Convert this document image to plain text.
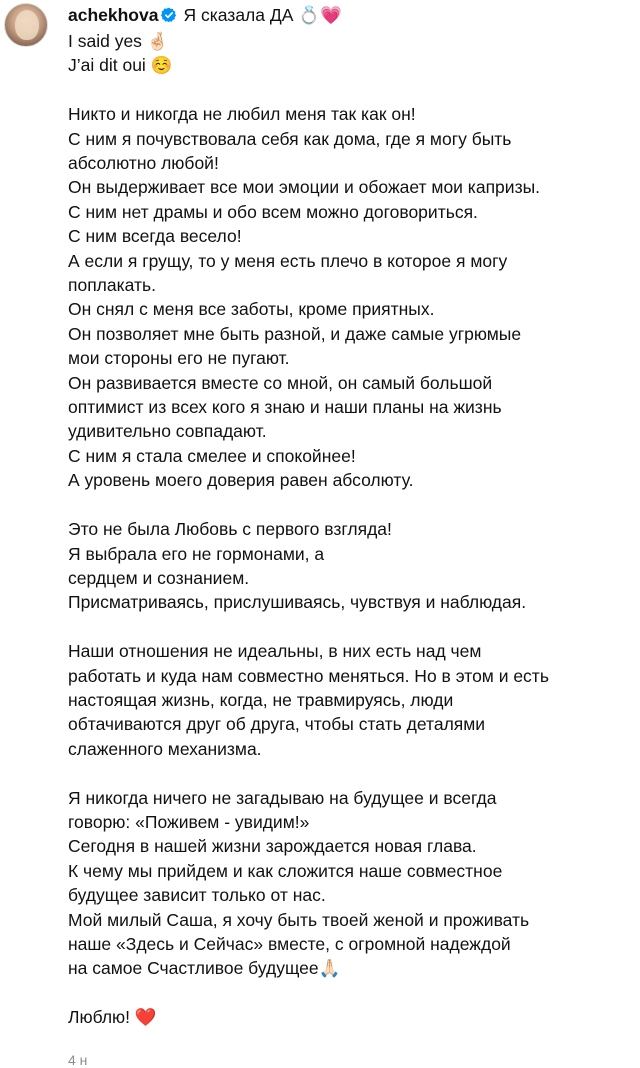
achekhova Я сказала ДА 💍💗
I said yes 🤞🏻
J’ai dit oui ☺️
Никто и никогда не любил меня так как он!
С ним я почувствовала себя как дома, где я могу быть
абсолютно любой!
Он выдерживает все мои эмоции и обожает мои капризы.
С ним нет драмы и обо всем можно договориться.
С ним всегда весело!
А если я грущу, то у меня есть плечо в которое я могу
поплакать.
Он снял с меня все заботы, кроме приятных.
Он позволяет мне быть разной, и даже самые угрюмые
мои стороны его не пугают.
Он развивается вместе со мной, он самый большой
оптимист из всех кого я знаю и наши планы на жизнь
удивительно совпадают.
С ним я стала смелее и спокойнее!
А уровень моего доверия равен абсолюту.
Это не была Любовь с первого взгляда!
Я выбрала его не гормонами, а
сердцем и сознанием.
Присматриваясь, прислушиваясь, чувствуя и наблюдая.
Наши отношения не идеальны, в них есть над чем
работать и куда нам совместно меняться. Но в этом и есть
настоящая жизнь, когда, не травмируясь, люди
обтачиваются друг об друга, чтобы стать деталями
слаженного механизма.
Я никогда ничего не загадываю на будущее и всегда
говорю: «Поживем - увидим!»
Сегодня в нашей жизни зарождается новая глава.
К чему мы прийдем и как сложится наше совместное
будущее зависит только от нас.
Мой милый Саша, я хочу быть твоей женой и проживать
наше «Здесь и Сейчас» вместе, с огромной надеждой
на самое Счастливое будущее🙏🏻
Люблю! ❤️
4 н
